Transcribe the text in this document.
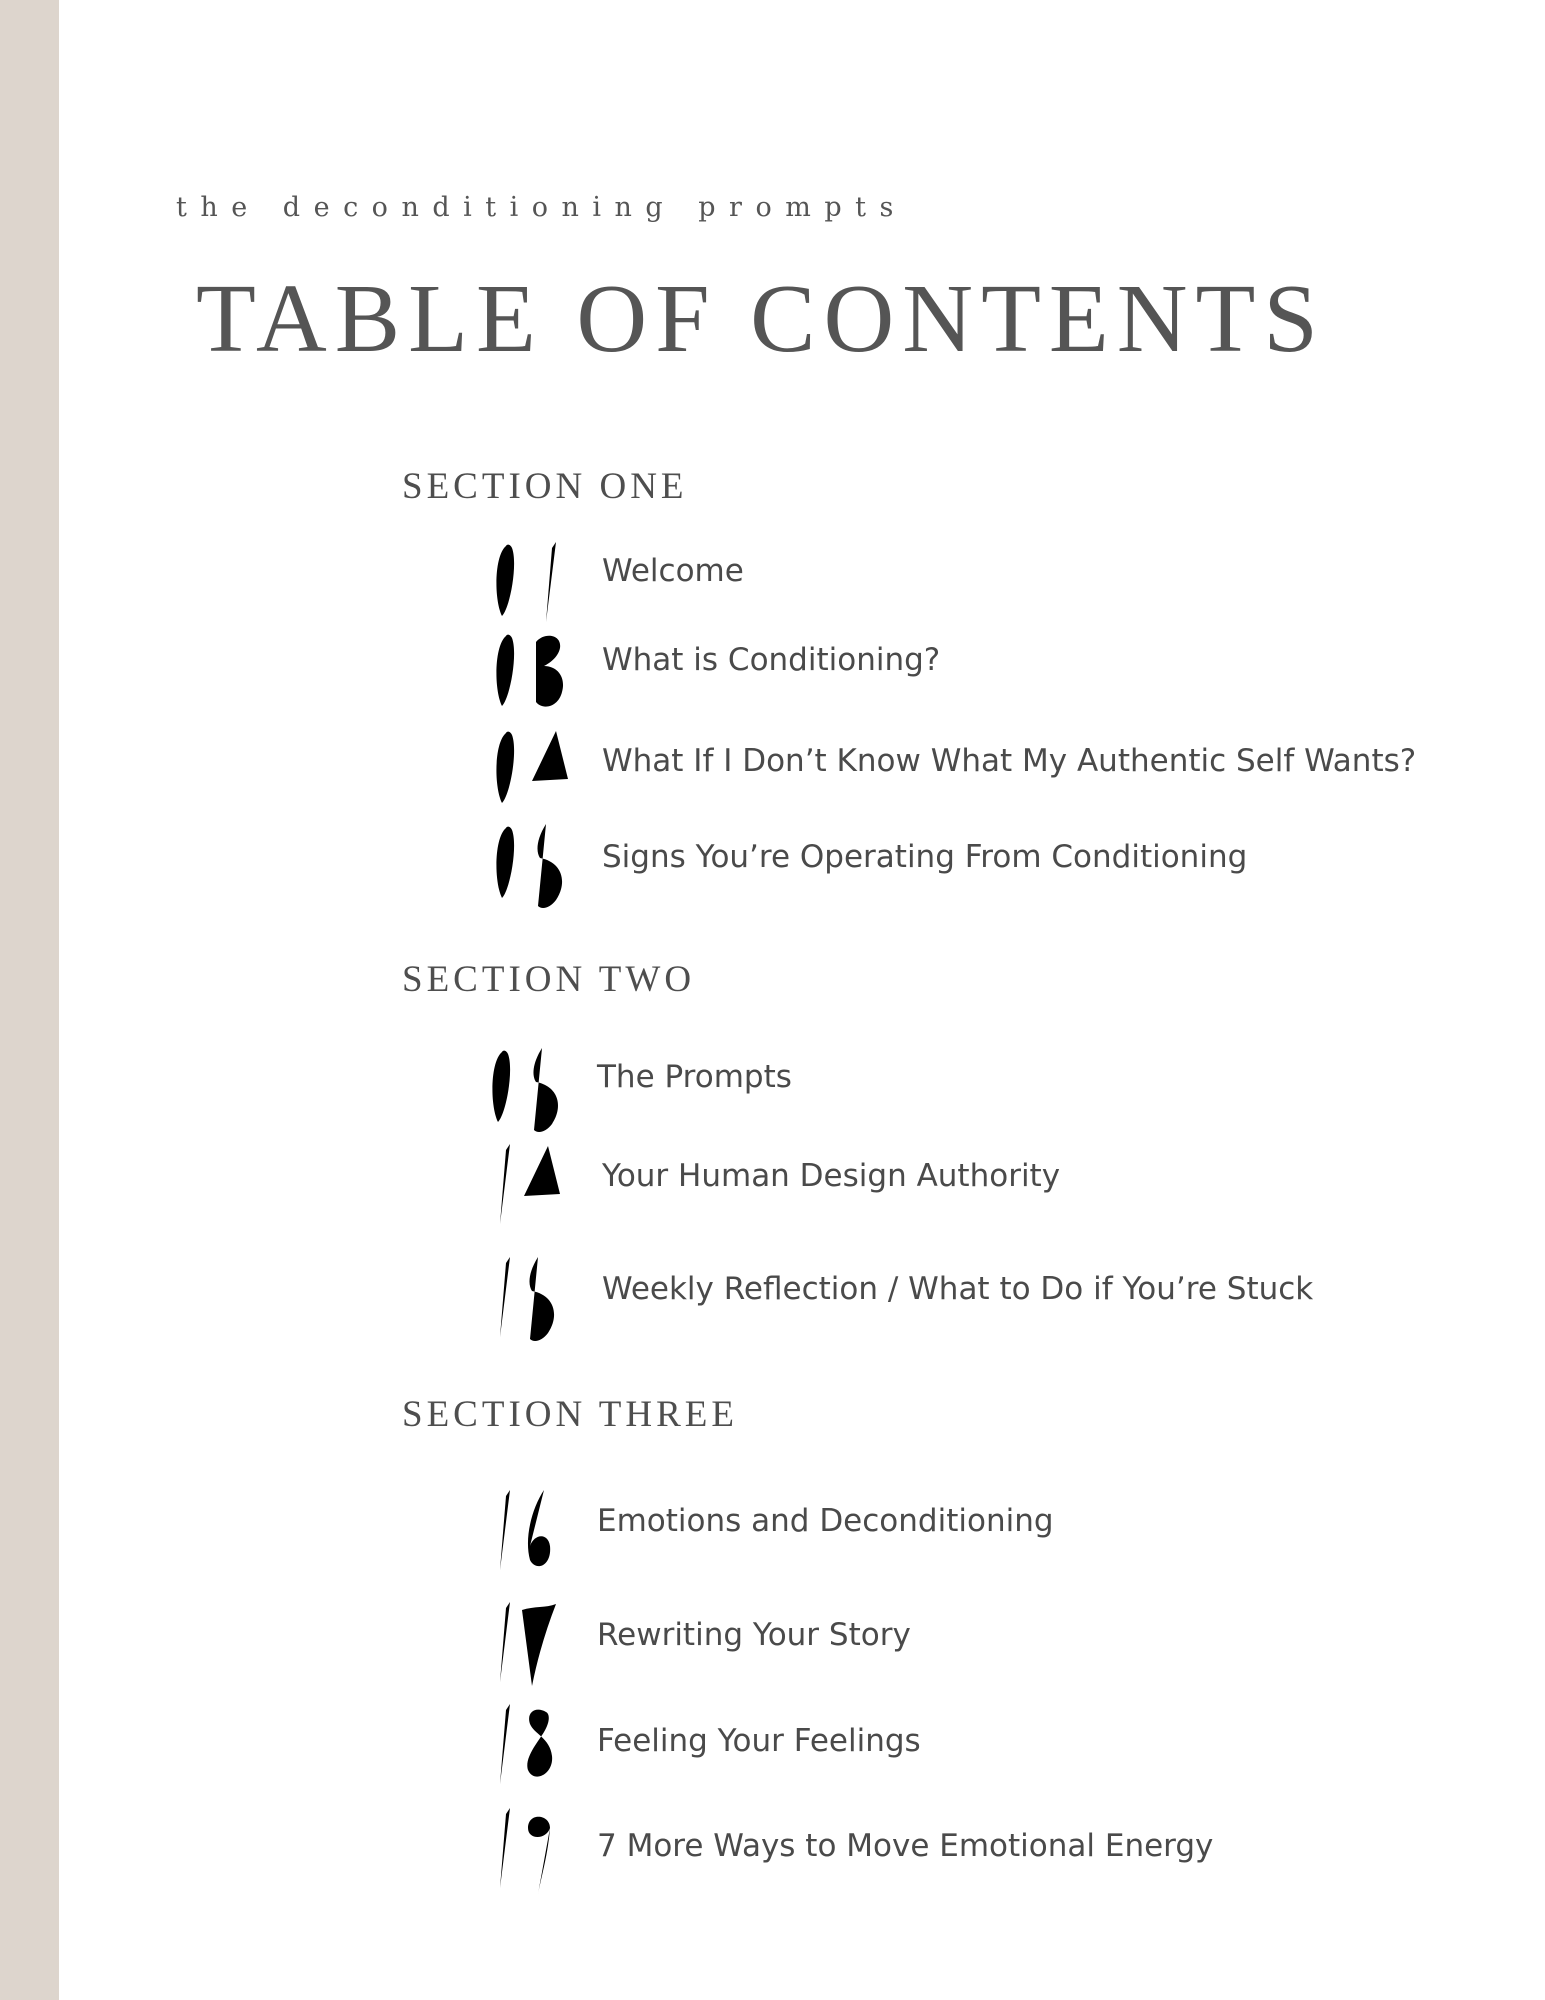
the deconditioning prompts
TABLE OF CONTENTS
SECTION ONE
Welcome
What is Conditioning?
What If I Don’t Know What My Authentic Self Wants?
Signs You’re Operating From Conditioning
SECTION TWO
The Prompts
Your Human Design Authority
Weekly Reflection / What to Do if You’re Stuck
SECTION THREE
Emotions and Deconditioning
Rewriting Your Story
Feeling Your Feelings
7 More Ways to Move Emotional Energy
